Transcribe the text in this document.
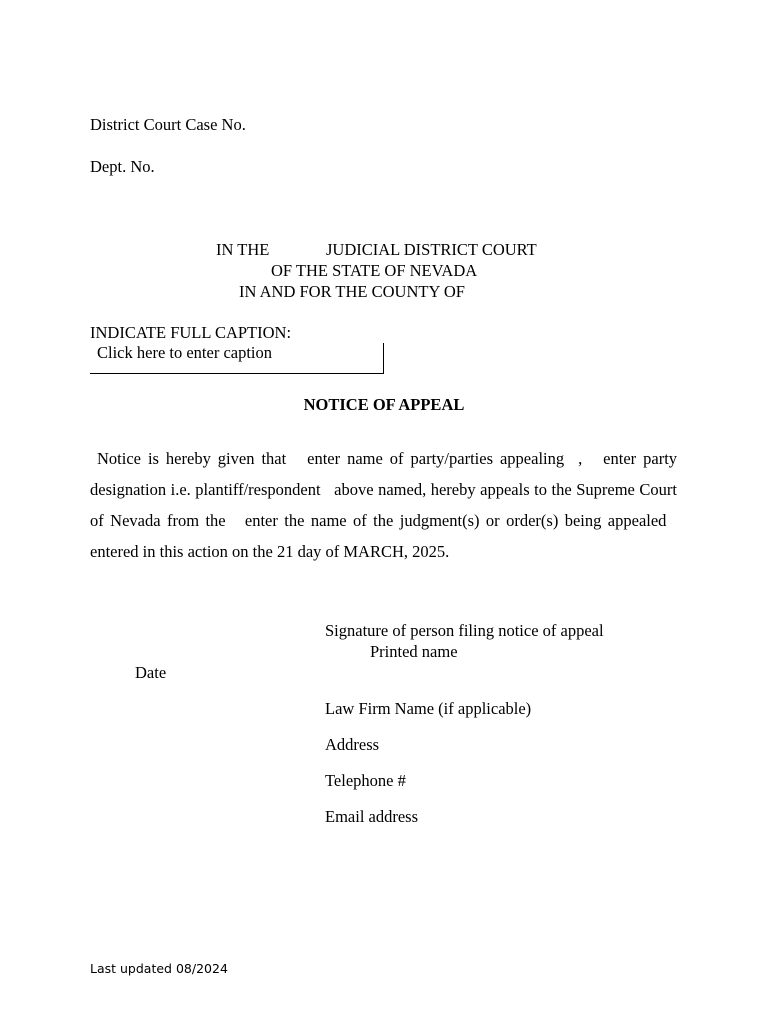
District Court Case No.
Dept. No.
IN THE	JUDICIAL DISTRICT COURT
OF THE STATE OF NEVADA
IN AND FOR THE COUNTY OF
INDICATE FULL CAPTION:
Click here to enter caption
NOTICE OF APPEAL
Notice is hereby given that enter name of party/parties appealing , enter party designation i.e. plantiff/respondent above named, hereby appeals to the Supreme Court of Nevada from the enter the name of the judgment(s) or order(s) being appealed   entered in this action on the 21 day of MARCH, 2025.
Signature of person filing notice of appeal
Printed name
Date
Law Firm Name (if applicable)
Address
Telephone #
Email address
Last updated 08/2024
